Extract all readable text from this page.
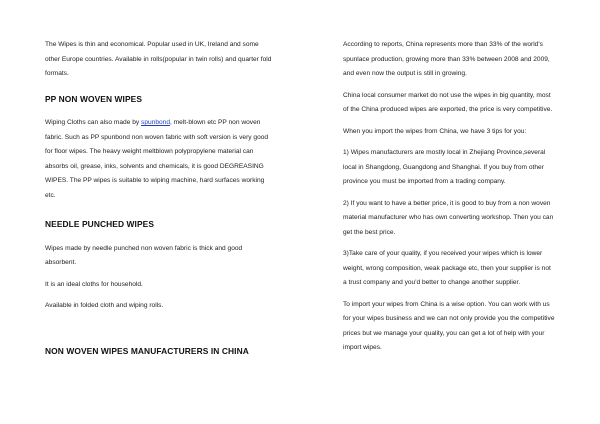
The Wipes is thin and economical. Popular used in UK, Ireland and some other Europe countries. Available in rolls(popular in twin rolls) and quarter fold formats.

PP NON WOVEN WIPES

Wiping Cloths can also made by spunbond, melt-blown etc PP non woven fabric. Such as PP spunbond non woven fabric with soft version is very good for floor wipes. The heavy weight meltblown polypropylene material can absorbs oil, grease, inks, solvents and chemicals, it is good DEGREASING WIPES. The PP wipes is suitable to wiping machine, hard surfaces working etc.

NEEDLE PUNCHED WIPES

Wipes made by needle punched non woven fabric is thick and good absorbent.

It is an ideal cloths for household.

Available in folded cloth and wiping rolls.

NON WOVEN WIPES MANUFACTURERS IN CHINA

According to reports, China represents more than 33% of the world's spunlace production, growing more than 33% between 2008 and 2009, and even now the output is still in growing.

China local consumer market do not use the wipes in big quantity, most of the China produced wipes are exported, the price is very competitive.

When you import the wipes from China, we have 3 tips for you:

1) Wipes manufacturers are mostly local in Zhejiang Province,several local in Shangdong, Guangdong and Shanghai. If you buy from other province you must be imported from a trading company.

2) If you want to have a better price, it is good to buy from a non woven material manufacturer who has own converting workshop. Then you can get the best price.

3)Take care of your quality, if you received your wipes which is lower weight, wrong composition, weak package etc, then your supplier is not a trust company and you'd better to change another supplier.

To import your wipes from China is a wise option. You can work with us for your wipes business and we can not only provide you the competitive prices but we manage your quality, you can get a lot of help with your import wipes.
